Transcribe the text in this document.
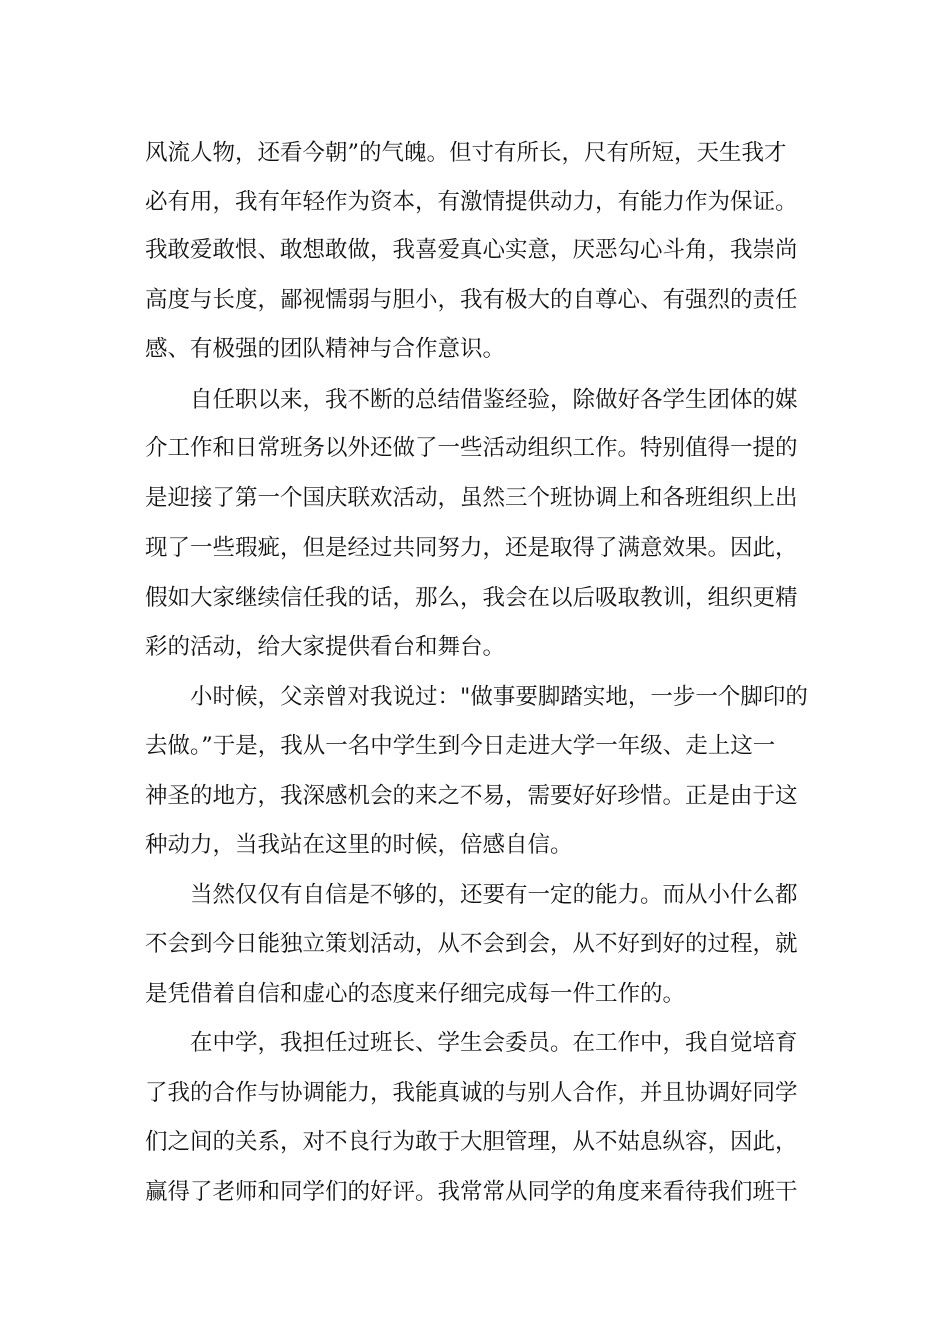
风流人物，还看今朝”的气魄。但寸有所长，尺有所短，天生我才
必有用，我有年轻作为资本，有激情提供动力，有能力作为保证。
我敢爱敢恨、敢想敢做，我喜爱真心实意，厌恶勾心斗角，我崇尚
高度与长度，鄙视懦弱与胆小，我有极大的自尊心、有强烈的责任
感、有极强的团队精神与合作意识。
自任职以来，我不断的总结借鉴经验，除做好各学生团体的媒
介工作和日常班务以外还做了一些活动组织工作。特别值得一提的
是迎接了第一个国庆联欢活动，虽然三个班协调上和各班组织上出
现了一些瑕疵，但是经过共同努力，还是取得了满意效果。因此，
假如大家继续信任我的话，那么，我会在以后吸取教训，组织更精
彩的活动，给大家提供看台和舞台。
小时候，父亲曾对我说过："做事要脚踏实地，一步一个脚印的
去做。”于是，我从一名中学生到今日走进大学一年级、走上这一
神圣的地方，我深感机会的来之不易，需要好好珍惜。正是由于这
种动力，当我站在这里的时候，倍感自信。
当然仅仅有自信是不够的，还要有一定的能力。而从小什么都
不会到今日能独立策划活动，从不会到会，从不好到好的过程，就
是凭借着自信和虚心的态度来仔细完成每一件工作的。
在中学，我担任过班长、学生会委员。在工作中，我自觉培育
了我的合作与协调能力，我能真诚的与别人合作，并且协调好同学
们之间的关系，对不良行为敢于大胆管理，从不姑息纵容，因此，
赢得了老师和同学们的好评。我常常从同学的角度来看待我们班干
